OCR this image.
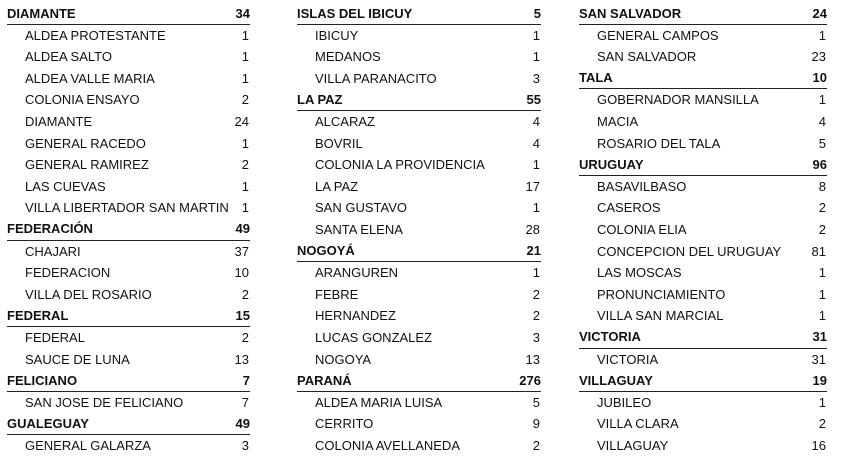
DIAMANTE	34
ALDEA PROTESTANTE	1
ALDEA SALTO	1
ALDEA VALLE MARIA	1
COLONIA ENSAYO	2
DIAMANTE	24
GENERAL RACEDO	1
GENERAL RAMIREZ	2
LAS CUEVAS	1
VILLA LIBERTADOR SAN MARTIN 1
FEDERACIÓN	49
CHAJARI	37
FEDERACION	10
VILLA DEL ROSARIO	2
FEDERAL	15
FEDERAL	2
SAUCE DE LUNA	13
FELICIANO	7
SAN JOSE DE FELICIANO	7
GUALEGUAY	49
GENERAL GALARZA	3
ISLAS DEL IBICUY	5
IBICUY	1
MEDANOS	1
VILLA PARANACITO	3
LA PAZ	55
ALCARAZ	4
BOVRIL	4
COLONIA LA PROVIDENCIA	1
LA PAZ	17
SAN GUSTAVO	1
SANTA ELENA	28
NOGOYÁ	21
ARANGUREN	1
FEBRE	2
HERNANDEZ	2
LUCAS GONZALEZ	3
NOGOYA	13
PARANÁ	276
ALDEA MARIA LUISA	5
CERRITO	9
COLONIA AVELLANEDA	2
SAN SALVADOR	24
GENERAL CAMPOS	1
SAN SALVADOR	23
TALA	10
GOBERNADOR MANSILLA	1
MACIA	4
ROSARIO DEL TALA	5
URUGUAY	96
BASAVILBASO	8
CASEROS	2
COLONIA ELIA	2
CONCEPCION DEL URUGUAY 81
LAS MOSCAS	1
PRONUNCIAMIENTO	1
VILLA SAN MARCIAL	1
VICTORIA	31
VICTORIA	31
VILLAGUAY	19
JUBILEO	1
VILLA CLARA	2
VILLAGUAY	16
